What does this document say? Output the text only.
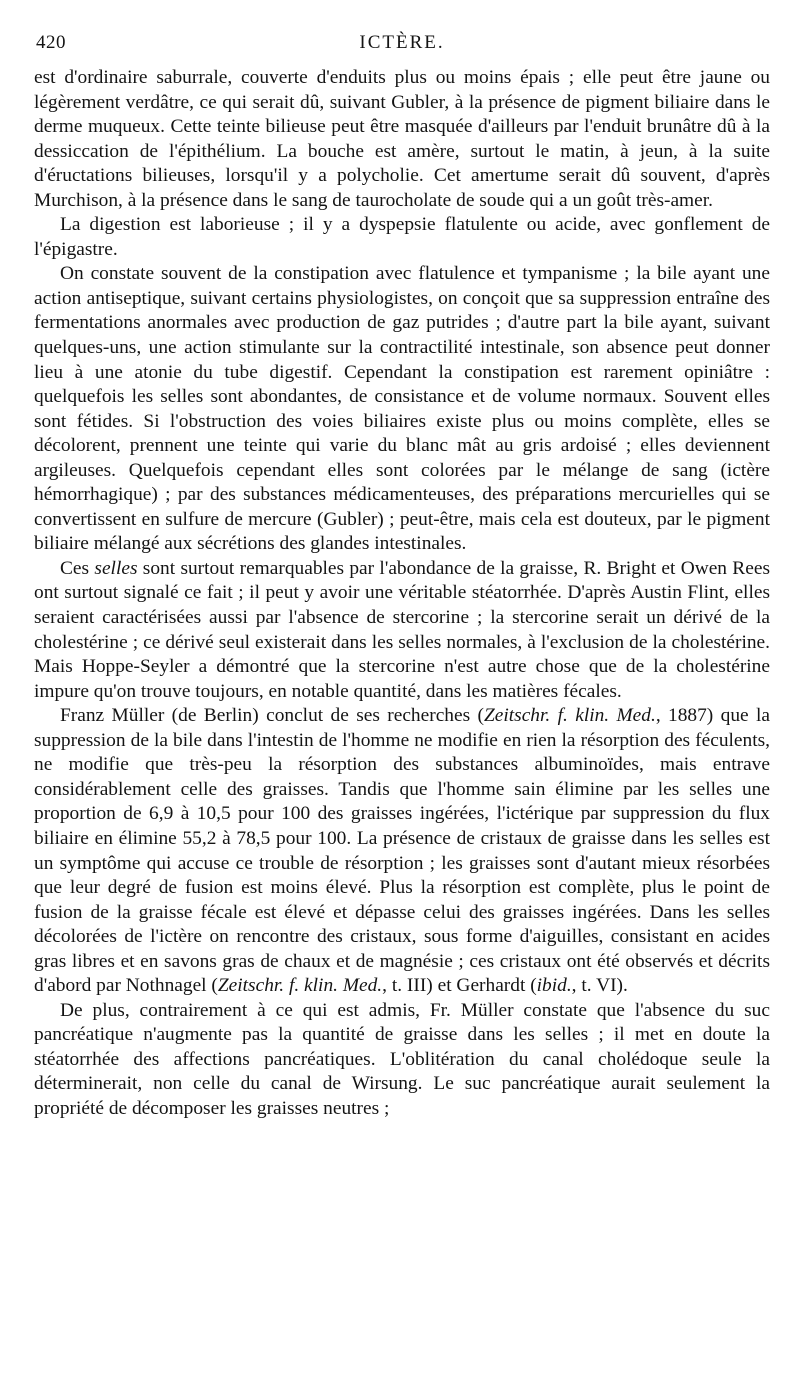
420	ICTÈRE.

est d'ordinaire saburrale, couverte d'enduits plus ou moins épais ; elle peut être jaune ou légèrement verdâtre, ce qui serait dû, suivant Gubler, à la présence de pigment biliaire dans le derme muqueux. Cette teinte bilieuse peut être masquée d'ailleurs par l'enduit brunâtre dû à la dessiccation de l'épithélium. La bouche est amère, surtout le matin, à jeun, à la suite d'éructations bilieuses, lorsqu'il y a polycholie. Cet amertume serait dû souvent, d'après Murchison, à la présence dans le sang de taurocholate de soude qui a un goût très-amer.

La digestion est laborieuse ; il y a dyspepsie flatulente ou acide, avec gonflement de l'épigastre.

On constate souvent de la constipation avec flatulence et tympanisme ; la bile ayant une action antiseptique, suivant certains physiologistes, on conçoit que sa suppression entraîne des fermentations anormales avec production de gaz putrides ; d'autre part la bile ayant, suivant quelques-uns, une action stimulante sur la contractilité intestinale, son absence peut donner lieu à une atonie du tube digestif. Cependant la constipation est rarement opiniâtre : quelquefois les selles sont abondantes, de consistance et de volume normaux. Souvent elles sont fétides. Si l'obstruction des voies biliaires existe plus ou moins complète, elles se décolorent, prennent une teinte qui varie du blanc mât au gris ardoisé ; elles deviennent argileuses. Quelquefois cependant elles sont colorées par le mélange de sang (ictère hémorrhagique) ; par des substances médicamenteuses, des préparations mercurielles qui se convertissent en sulfure de mercure (Gubler) ; peut-être, mais cela est douteux, par le pigment biliaire mélangé aux sécrétions des glandes intestinales.

Ces selles sont surtout remarquables par l'abondance de la graisse, R. Bright et Owen Rees ont surtout signalé ce fait ; il peut y avoir une véritable stéatorrhée. D'après Austin Flint, elles seraient caractérisées aussi par l'absence de stercorine ; la stercorine serait un dérivé de la cholestérine ; ce dérivé seul existerait dans les selles normales, à l'exclusion de la cholestérine. Mais Hoppe-Seyler a démontré que la stercorine n'est autre chose que de la cholestérine impure qu'on trouve toujours, en notable quantité, dans les matières fécales.

Franz Müller (de Berlin) conclut de ses recherches (Zeitschr. f. klin. Med., 1887) que la suppression de la bile dans l'intestin de l'homme ne modifie en rien la résorption des féculents, ne modifie que très-peu la résorption des substances albuminoïdes, mais entrave considérablement celle des graisses. Tandis que l'homme sain élimine par les selles une proportion de 6,9 à 10,5 pour 100 des graisses ingérées, l'ictérique par suppression du flux biliaire en élimine 55,2 à 78,5 pour 100. La présence de cristaux de graisse dans les selles est un symptôme qui accuse ce trouble de résorption ; les graisses sont d'autant mieux résorbées que leur degré de fusion est moins élevé. Plus la résorption est complète, plus le point de fusion de la graisse fécale est élevé et dépasse celui des graisses ingérées. Dans les selles décolorées de l'ictère on rencontre des cristaux, sous forme d'aiguilles, consistant en acides gras libres et en savons gras de chaux et de magnésie ; ces cristaux ont été observés et décrits d'abord par Nothnagel (Zeitschr. f. klin. Med., t. III) et Gerhardt (ibid., t. VI).

De plus, contrairement à ce qui est admis, Fr. Müller constate que l'absence du suc pancréatique n'augmente pas la quantité de graisse dans les selles ; il met en doute la stéatorrhée des affections pancréatiques. L'oblitération du canal cholédoque seule la déterminerait, non celle du canal de Wirsung. Le suc pancréatique aurait seulement la propriété de décomposer les graisses neutres ;
